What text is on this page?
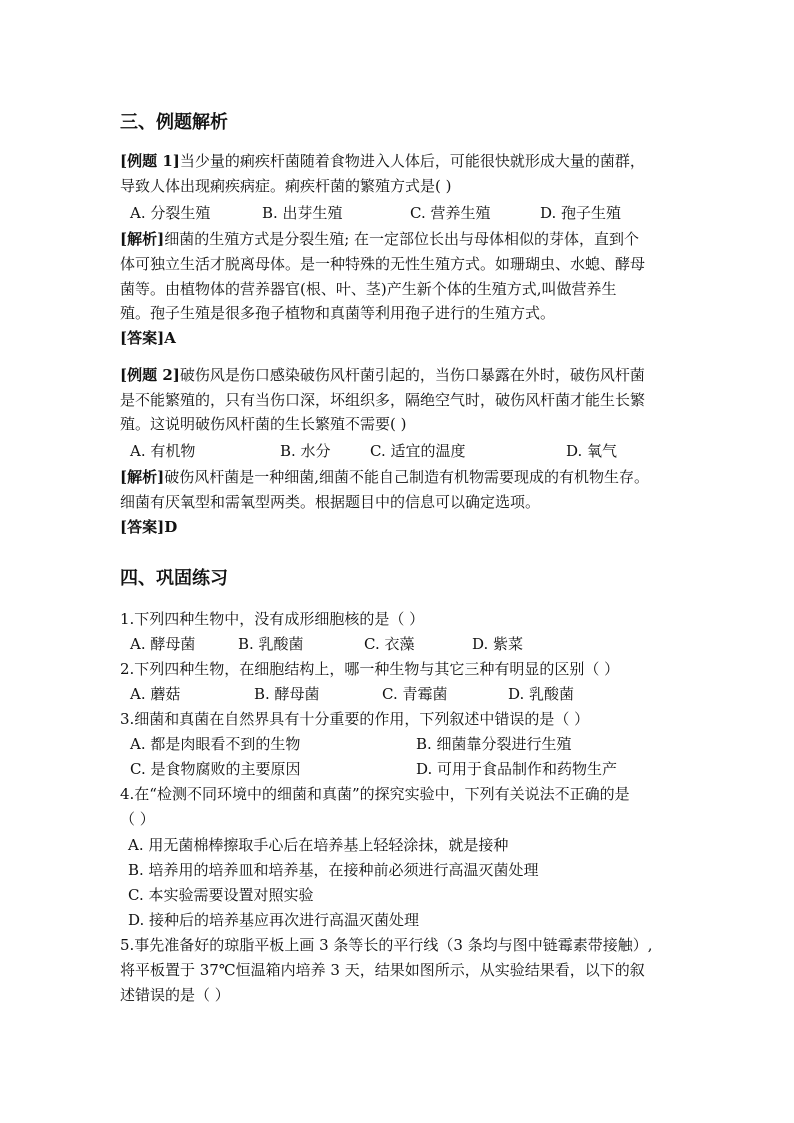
三、例题解析
[例题 1]当少量的痢疾杆菌随着食物进入人体后，可能很快就形成大量的菌群，
导致人体出现痢疾病症。痢疾杆菌的繁殖方式是( )
A. 分裂生殖	B. 出芽生殖	C. 营养生殖	D. 孢子生殖
[解析]细菌的生殖方式是分裂生殖; 在一定部位长出与母体相似的芽体，直到个
体可独立生活才脱离母体。是一种特殊的无性生殖方式。如珊瑚虫、水螅、酵母
菌等。由植物体的营养器官(根、叶、茎)产生新个体的生殖方式,叫做营养生
殖。孢子生殖是很多孢子植物和真菌等利用孢子进行的生殖方式。
[答案]A
[例题 2]破伤风是伤口感染破伤风杆菌引起的，当伤口暴露在外时，破伤风杆菌
是不能繁殖的，只有当伤口深，坏组织多，隔绝空气时，破伤风杆菌才能生长繁
殖。这说明破伤风杆菌的生长繁殖不需要( )
A. 有机物	B. 水分	C. 适宜的温度	D. 氧气
[解析]破伤风杆菌是一种细菌,细菌不能自己制造有机物需要现成的有机物生存。
细菌有厌氧型和需氧型两类。根据题目中的信息可以确定选项。
[答案]D
四、巩固练习
1.下列四种生物中，没有成形细胞核的是（ ）
A. 酵母菌	B. 乳酸菌	C. 衣藻	D. 紫菜
2.下列四种生物，在细胞结构上，哪一种生物与其它三种有明显的区别（ ）
A. 蘑菇	B. 酵母菌	C. 青霉菌	D. 乳酸菌
3.细菌和真菌在自然界具有十分重要的作用，下列叙述中错误的是（ ）
A. 都是肉眼看不到的生物	B. 细菌靠分裂进行生殖
C. 是食物腐败的主要原因	D. 可用于食品制作和药物生产
4.在“检测不同环境中的细菌和真菌”的探究实验中，下列有关说法不正确的是
（ ）
A. 用无菌棉棒擦取手心后在培养基上轻轻涂抹，就是接种
B. 培养用的培养皿和培养基，在接种前必须进行高温灭菌处理
C. 本实验需要设置对照实验
D. 接种后的培养基应再次进行高温灭菌处理
5.事先准备好的琼脂平板上画 3 条等长的平行线（3 条均与图中链霉素带接触）,
将平板置于 37℃恒温箱内培养 3 天，结果如图所示，从实验结果看，以下的叙
述错误的是（ ）
